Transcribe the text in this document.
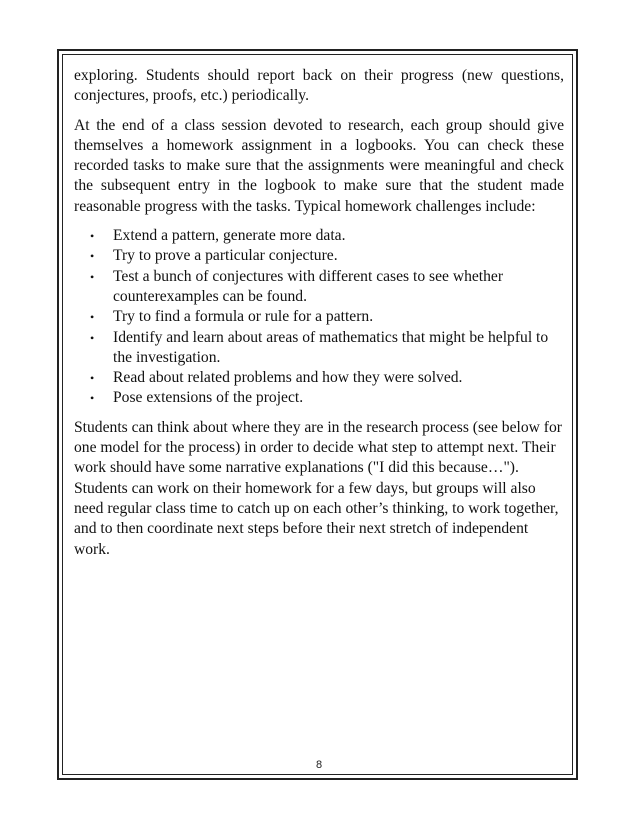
exploring. Students should report back on their progress (new questions, conjectures, proofs, etc.) periodically.

At the end of a class session devoted to research, each group should give themselves a homework assignment in a logbooks. You can check these recorded tasks to make sure that the assignments were meaningful and check the subsequent entry in the logbook to make sure that the student made reasonable progress with the tasks. Typical homework challenges include:

• Extend a pattern, generate more data.
• Try to prove a particular conjecture.
• Test a bunch of conjectures with different cases to see whether counterexamples can be found.
• Try to find a formula or rule for a pattern.
• Identify and learn about areas of mathematics that might be helpful to the investigation.
• Read about related problems and how they were solved.
• Pose extensions of the project.

Students can think about where they are in the research process (see below for one model for the process) in order to decide what step to attempt next. Their work should have some narrative explanations ("I did this because…"). Students can work on their homework for a few days, but groups will also need regular class time to catch up on each other’s thinking, to work together, and to then coordinate next steps before their next stretch of independent work.

8
